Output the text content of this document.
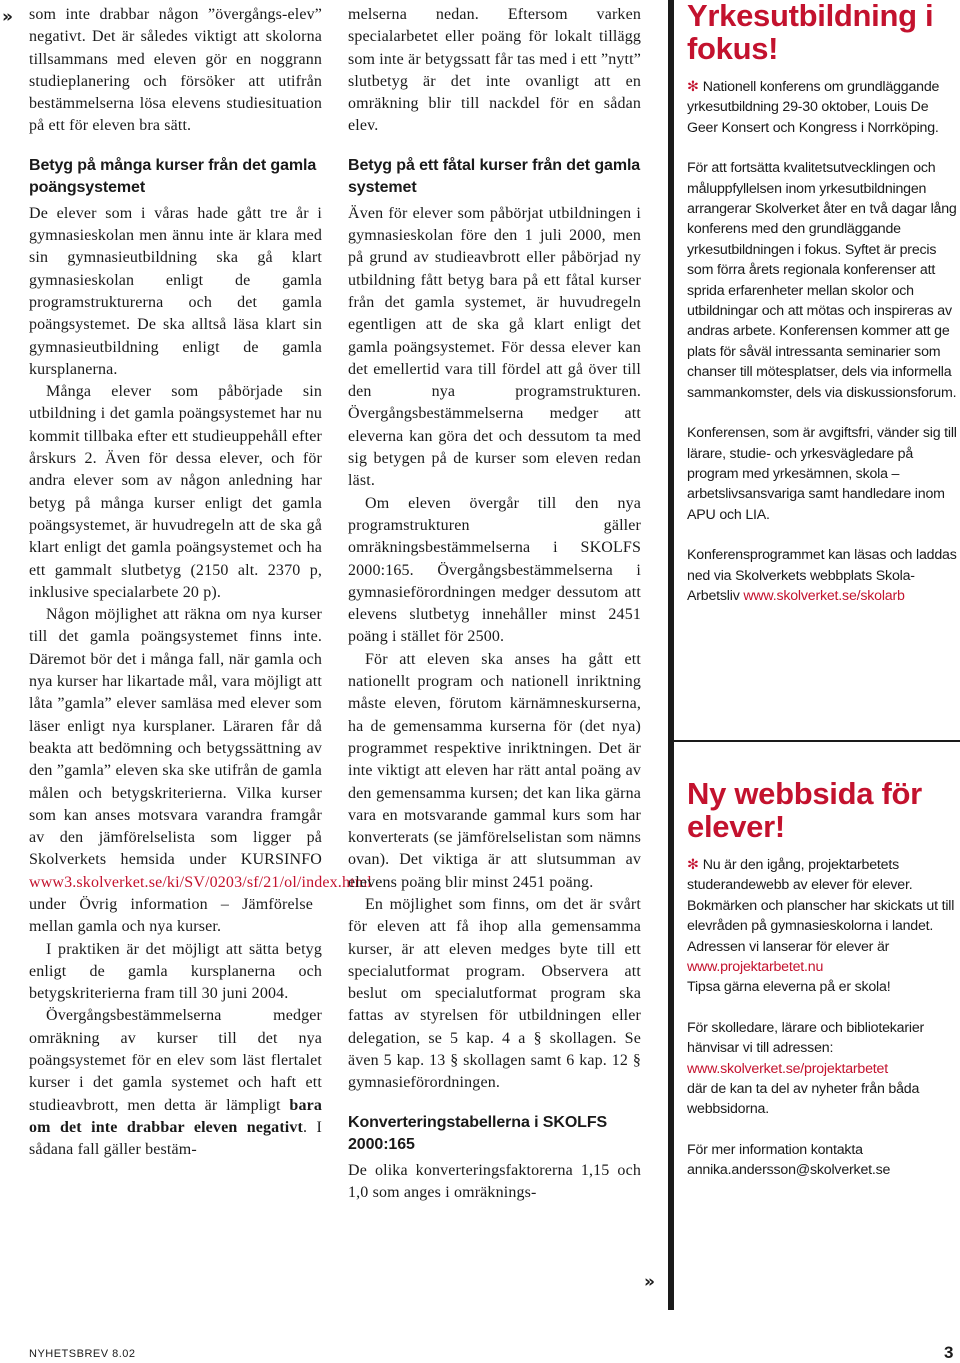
» som inte drabbar någon ”övergångs-elev” negativt. Det är således viktigt att skolorna tillsammans med eleven gör en noggrann studieplanering och försöker att utifrån bestämmelserna lösa elevens studiesituation på ett för eleven bra sätt.

Betyg på många kurser från det gamla poängsystemet

De elever som i våras hade gått tre år i gymnasieskolan men ännu inte är klara med sin gymnasieutbildning ska gå klart gymnasieskolan enligt de gamla programstrukturerna och det gamla poängsystemet. De ska alltså läsa klart sin gymnasieutbildning enligt de gamla kursplanerna.

Många elever som påbörjade sin utbildning i det gamla poängsystemet har nu kommit tillbaka efter ett studieuppehåll efter årskurs 2. Även för dessa elever, och för andra elever som av någon anledning har betyg på många kurser enligt det gamla poängsystemet, är huvudregeln att de ska gå klart enligt det gamla poängsystemet och ha ett gammalt slutbetyg (2150 alt. 2370 p, inklusive specialarbete 20 p).

Någon möjlighet att räkna om nya kurser till det gamla poängsystemet finns inte. Däremot bör det i många fall, när gamla och nya kurser har likartade mål, vara möjligt att låta ”gamla” elever samläsa med elever som läser enligt nya kursplaner. Läraren får då beakta att bedömning och betygssättning av den ”gamla” eleven ska ske utifrån de gamla målen och betygskriterierna. Vilka kurser som kan anses motsvara varandra framgår av den jämförelselista som ligger på Skolverkets hemsida under KURSINFO www3.skolverket.se/ki/SV/0203/sf/21/ol/index.html under Övrig information – Jämförelse mellan gamla och nya kurser.

I praktiken är det möjligt att sätta betyg enligt de gamla kursplanerna och betygskriterierna fram till 30 juni 2004.

Övergångsbestämmelserna medger omräkning av kurser till det nya poängsystemet för en elev som läst flertalet kurser i det gamla systemet och haft ett studieavbrott, men detta är lämpligt bara om det inte drabbar eleven negativt. I sådana fall gäller bestäm-

melserna nedan. Eftersom varken specialarbetet eller poäng för lokalt tillägg som inte är betygssatt får tas med i ett ”nytt” slutbetyg är det inte ovanligt att en omräkning blir till nackdel för en sådan elev.

Betyg på ett fåtal kurser från det gamla systemet

Även för elever som påbörjat utbildningen i gymnasieskolan före den 1 juli 2000, men på grund av studieavbrott eller påbörjad ny utbildning fått betyg bara på ett fåtal kurser från det gamla systemet, är huvudregeln egentligen att de ska gå klart enligt det gamla poängsystemet. För dessa elever kan det emellertid vara till fördel att gå över till den nya programstrukturen. Övergångsbestämmelserna medger att eleverna kan göra det och dessutom ta med sig betygen på de kurser som eleven redan läst.

Om eleven övergår till den nya programstrukturen gäller omräkningsbestämmelserna i SKOLFS 2000:165. Övergångsbestämmelserna i gymnasieförordningen medger dessutom att elevens slutbetyg innehåller minst 2451 poäng i stället för 2500.

För att eleven ska anses ha gått ett nationellt program och nationell inriktning måste eleven, förutom kärnämneskurserna, ha de gemensamma kurserna för (det nya) programmet respektive inriktningen. Det är inte viktigt att eleven har rätt antal poäng av den gemensamma kursen; det kan lika gärna vara en motsvarande gammal kurs som har konverterats (se jämförelselistan som nämns ovan). Det viktiga är att slutsumman av elevens poäng blir minst 2451 poäng.

En möjlighet som finns, om det är svårt för eleven att få ihop alla gemensamma kurser, är att eleven medges byte till ett specialutformat program. Observera att beslut om specialutformat program ska fattas av styrelsen för utbildningen eller delegation, se 5 kap. 4 a § skollagen. Se även 5 kap. 13 § skollagen samt 6 kap. 12 § gymnasieförordningen.

Konverteringstabellerna i SKOLFS 2000:165

De olika konverteringsfaktorerna 1,15 och 1,0 som anges i omräknings-

»

Yrkesutbildning i fokus!

✻ Nationell konferens om grundläggande yrkesutbildning 29-30 oktober, Louis De Geer Konsert och Kongress i Norrköping.

För att fortsätta kvalitetsutvecklingen och måluppfyllelsen inom yrkesutbildningen arrangerar Skolverket åter en två dagar lång konferens med den grundläggande yrkesutbildningen i fokus. Syftet är precis som förra årets regionala konferenser att sprida erfarenheter mellan skolor och utbildningar och att mötas och inspireras av andras arbete. Konferensen kommer att ge plats för såväl intressanta seminarier som chanser till mötesplatser, dels via informella sammankomster, dels via diskussionsforum.

Konferensen, som är avgiftsfri, vänder sig till lärare, studie- och yrkesvägledare på program med yrkesämnen, skola – arbetslivsansvariga samt handledare inom APU och LIA.

Konferensprogrammet kan läsas och laddas ned via Skolverkets webbplats Skola-Arbetsliv www.skolverket.se/skolarb

Ny webbsida för elever!

✻ Nu är den igång, projektarbetets studerandewebb av elever för elever. Bokmärken och planscher har skickats ut till elevråden på gymnasieskolorna i landet. Adressen vi lanserar för elever är www.projektarbetet.nu
Tipsa gärna eleverna på er skola!

För skolledare, lärare och bibliotekarier hänvisar vi till adressen:
www.skolverket.se/projektarbetet
där de kan ta del av nyheter från båda webbsidorna.

För mer information kontakta annika.andersson@skolverket.se

NYHETSBREV 8.02	3
